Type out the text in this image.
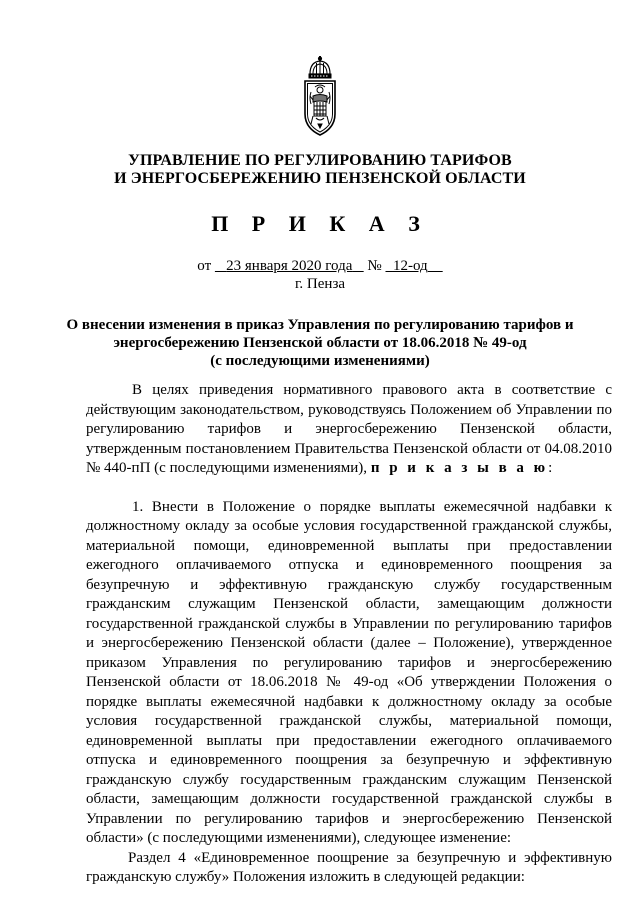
УПРАВЛЕНИЕ ПО РЕГУЛИРОВАНИЮ ТАРИФОВ
И ЭНЕРГОСБЕРЕЖЕНИЮ ПЕНЗЕНСКОЙ ОБЛАСТИ
П Р И К А З
от 23 января 2020 года № 12-од
г. Пенза
О внесении изменения в приказ Управления по регулированию тарифов и
энергосбережению Пензенской области от 18.06.2018 № 49-од
(с последующими изменениями)

В целях приведения нормативного правового акта в соответствие с действующим законодательством, руководствуясь Положением об Управлении по регулированию тарифов и энергосбережению Пензенской области, утвержденным постановлением Правительства Пензенской области от 04.08.2010 № 440-пП (с последующими изменениями), п р и к а з ы в а ю:

1. Внести в Положение о порядке выплаты ежемесячной надбавки к должностному окладу за особые условия государственной гражданской службы, материальной помощи, единовременной выплаты при предоставлении ежегодного оплачиваемого отпуска и единовременного поощрения за безупречную и эффективную гражданскую службу государственным гражданским служащим Пензенской области, замещающим должности государственной гражданской службы в Управлении по регулированию тарифов и энергосбережению Пензенской области (далее – Положение), утвержденное приказом Управления по регулированию тарифов и энергосбережению Пензенской области от 18.06.2018 № 49-од «Об утверждении Положения о порядке выплаты ежемесячной надбавки к должностному окладу за особые условия государственной гражданской службы, материальной помощи, единовременной выплаты при предоставлении ежегодного оплачиваемого отпуска и единовременного поощрения за безупречную и эффективную гражданскую службу государственным гражданским служащим Пензенской области, замещающим должности государственной гражданской службы в Управлении по регулированию тарифов и энергосбережению Пензенской области» (с последующими изменениями), следующее изменение:

Раздел 4 «Единовременное поощрение за безупречную и эффективную гражданскую службу» Положения изложить в следующей редакции:
